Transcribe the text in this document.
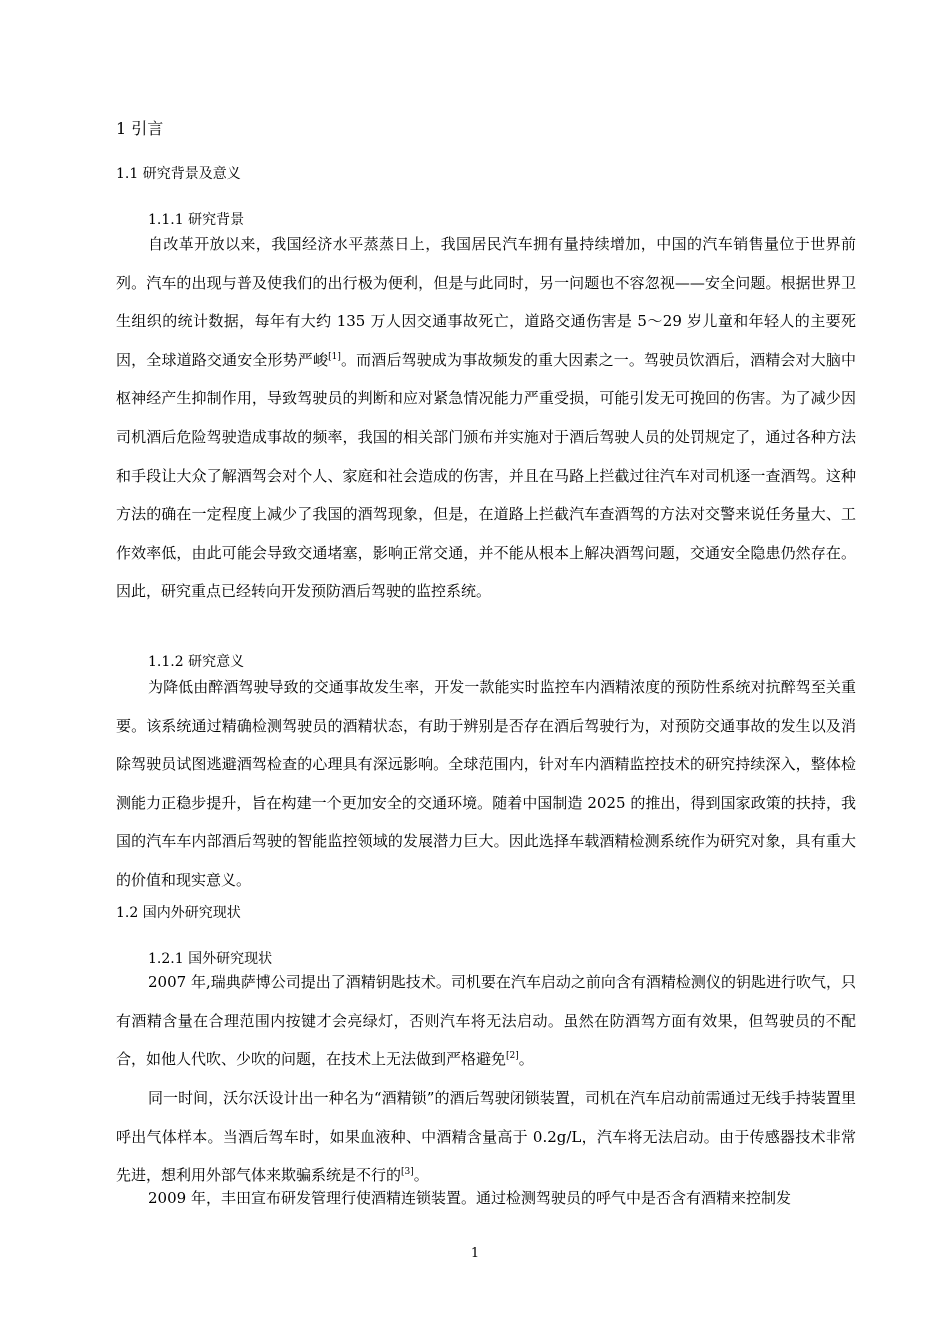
1 引言
1.1 研究背景及意义
1.1.1 研究背景
自改革开放以来，我国经济水平蒸蒸日上，我国居民汽车拥有量持续增加，中国的汽车销售量位于世界前列。汽车的出现与普及使我们的出行极为便利，但是与此同时，另一问题也不容忽视——安全问题。根据世界卫生组织的统计数据，每年有大约 135 万人因交通事故死亡，道路交通伤害是 5～29 岁儿童和年轻人的主要死因，全球道路交通安全形势严峻[1]。而酒后驾驶成为事故频发的重大因素之一。驾驶员饮酒后，酒精会对大脑中枢神经产生抑制作用，导致驾驶员的判断和应对紧急情况能力严重受损，可能引发无可挽回的伤害。为了减少因司机酒后危险驾驶造成事故的频率，我国的相关部门颁布并实施对于酒后驾驶人员的处罚规定了，通过各种方法和手段让大众了解酒驾会对个人、家庭和社会造成的伤害，并且在马路上拦截过往汽车对司机逐一查酒驾。这种方法的确在一定程度上减少了我国的酒驾现象，但是，在道路上拦截汽车查酒驾的方法对交警来说任务量大、工作效率低，由此可能会导致交通堵塞，影响正常交通，并不能从根本上解决酒驾问题，交通安全隐患仍然存在。因此，研究重点已经转向开发预防酒后驾驶的监控系统。
1.1.2 研究意义
为降低由醉酒驾驶导致的交通事故发生率，开发一款能实时监控车内酒精浓度的预防性系统对抗醉驾至关重要。该系统通过精确检测驾驶员的酒精状态，有助于辨别是否存在酒后驾驶行为，对预防交通事故的发生以及消除驾驶员试图逃避酒驾检查的心理具有深远影响。全球范围内，针对车内酒精监控技术的研究持续深入，整体检测能力正稳步提升，旨在构建一个更加安全的交通环境。随着中国制造 2025 的推出，得到国家政策的扶持，我国的汽车车内部酒后驾驶的智能监控领域的发展潜力巨大。因此选择车载酒精检测系统作为研究对象，具有重大的价值和现实意义。
1.2 国内外研究现状
1.2.1 国外研究现状
2007 年,瑞典萨博公司提出了酒精钥匙技术。司机要在汽车启动之前向含有酒精检测仪的钥匙进行吹气，只有酒精含量在合理范围内按键才会亮绿灯，否则汽车将无法启动。虽然在防酒驾方面有效果，但驾驶员的不配合，如他人代吹、少吹的问题，在技术上无法做到严格避免[2]。
同一时间，沃尔沃设计出一种名为“酒精锁”的酒后驾驶闭锁装置，司机在汽车启动前需通过无线手持装置里呼出气体样本。当酒后驾车时，如果血液种、中酒精含量高于 0.2g/L，汽车将无法启动。由于传感器技术非常先进，想利用外部气体来欺骗系统是不行的[3]。
2009 年，丰田宣布研发管理行使酒精连锁装置。通过检测驾驶员的呼气中是否含有酒精来控制发
1
